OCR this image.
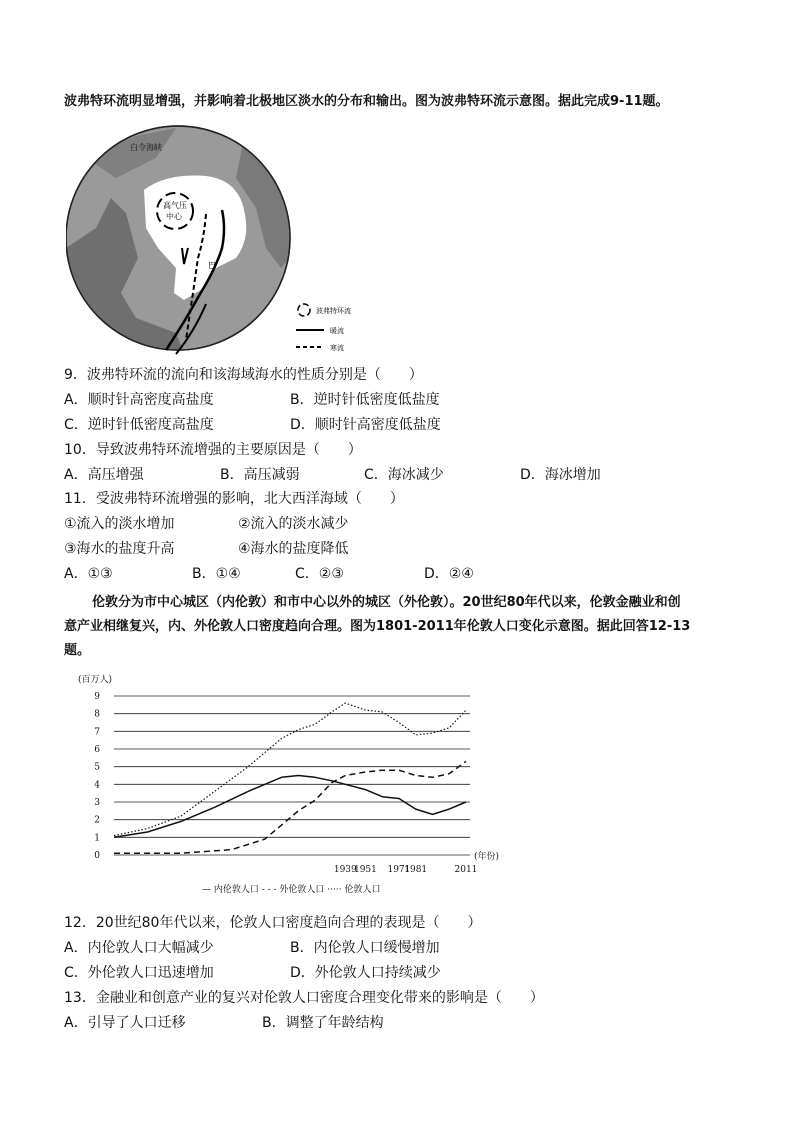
波弗特环流明显增强，并影响着北极地区淡水的分布和输出。图为波弗特环流示意图。据此完成9-11题。
白令海峡
高气压
中心
巴
波弗特环流
暖流
寒流
9．波弗特环流的流向和该海域海水的性质分别是（　　）
A．顺时针高密度高盐度	B．逆时针低密度低盐度
C．逆时针低密度高盐度	D．顺时针高密度低盐度
10．导致波弗特环流增强的主要原因是（　　）
A．高压增强	B．高压减弱	C．海冰减少	D．海冰增加
11．受波弗特环流增强的影响，北大西洋海域（　　）
①流入的淡水增加	②流入的淡水减少
③海水的盐度升高	④海水的盐度降低
A．①③	B．①④	C．②③	D．②④
伦敦分为市中心城区（内伦敦）和市中心以外的城区（外伦敦）。20世纪80年代以来，伦敦金融业和创
意产业相继复兴，内、外伦敦人口密度趋向合理。图为1801-2011年伦敦人口变化示意图。据此回答12-13
题。
0
1
2
3
4
5
6
7
8
9
(百万人)
1939
1951 1971
1981	2011
(年份)
— 内伦敦人口 - - - 外伦敦人口 ····· 伦敦人口
12．20世纪80年代以来，伦敦人口密度趋向合理的表现是（　　）
A．内伦敦人口大幅减少	B．内伦敦人口缓慢增加
C．外伦敦人口迅速增加	D．外伦敦人口持续减少
13．金融业和创意产业的复兴对伦敦人口密度合理变化带来的影响是（　　）
A．引导了人口迁移	B．调整了年龄结构
